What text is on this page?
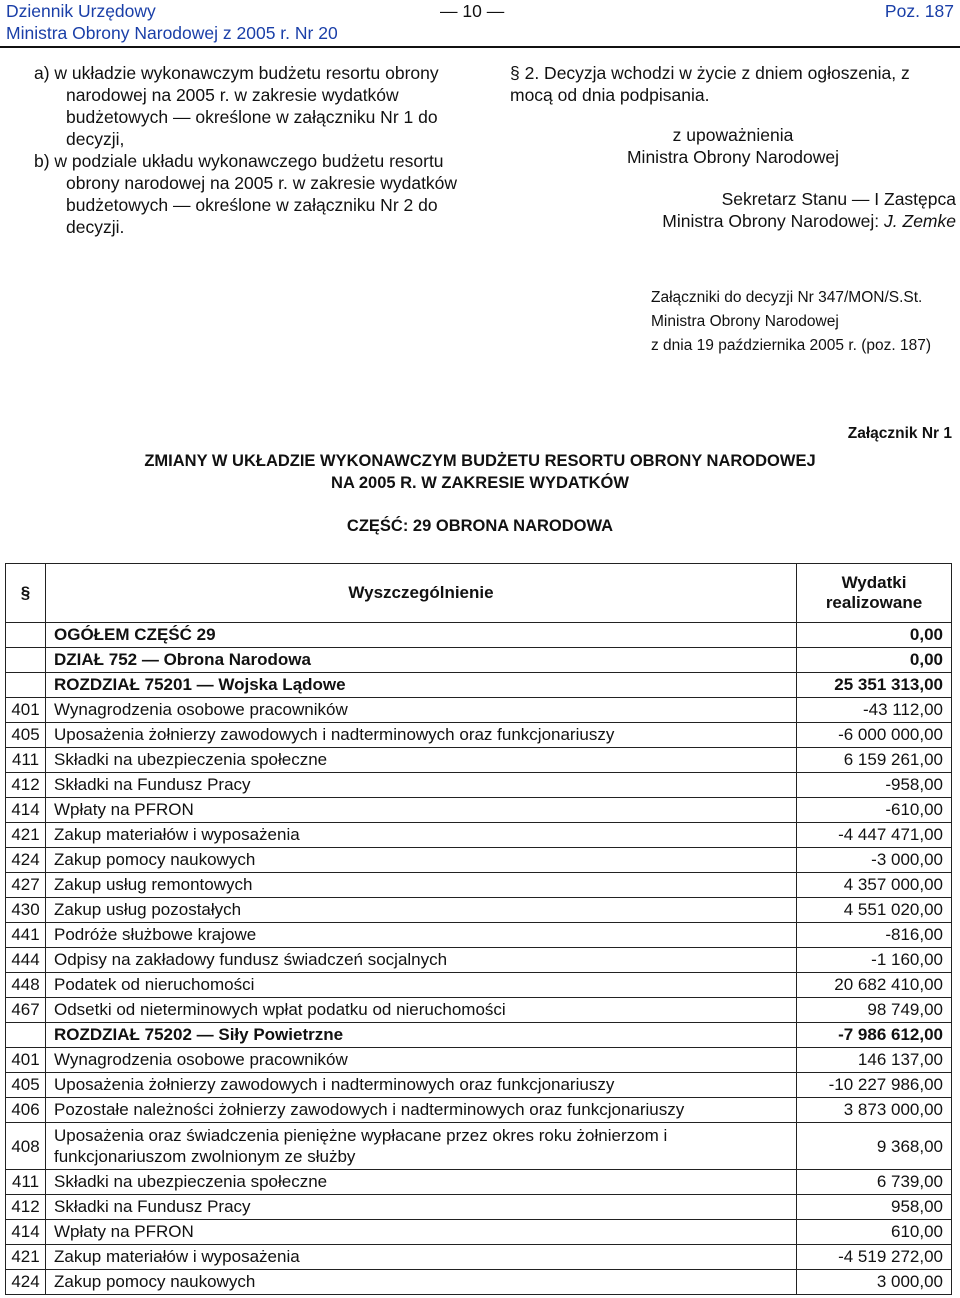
Dziennik Urzędowy
Ministra Obrony Narodowej z 2005 r. Nr 20
— 10 —	Poz. 187

a) w układzie wykonawczym budżetu resortu obrony narodowej na 2005 r. w zakresie wydatków budżetowych — określone w załączniku Nr 1 do decyzji,

b) w podziale układu wykonawczego budżetu resortu obrony narodowej na 2005 r. w zakresie wydatków budżetowych — określone w załączniku Nr 2 do decyzji.

§ 2. Decyzja wchodzi w życie z dniem ogłoszenia, z mocą od dnia podpisania.

z upoważnienia

Ministra Obrony Narodowej

Sekretarz Stanu — I Zastępca
Ministra Obrony Narodowej: J. Zemke
Załączniki do decyzji Nr 347/MON/S.St.
Ministra Obrony Narodowej
z dnia 19 października 2005 r. (poz. 187)
Załącznik Nr 1
ZMIANY W UKŁADZIE WYKONAWCZYM BUDŻETU RESORTU OBRONY NARODOWEJ
NA 2005 R. W ZAKRESIE WYDATKÓW
CZĘŚĆ: 29 OBRONA NARODOWA
§	Wyszczególnienie	Wydatki realizowane
	OGÓŁEM CZĘŚĆ 29	0,00
	DZIAŁ 752 — Obrona Narodowa	0,00
	ROZDZIAŁ 75201 — Wojska Lądowe	25 351 313,00
401	Wynagrodzenia osobowe pracowników	-43 112,00
405	Uposażenia żołnierzy zawodowych i nadterminowych oraz funkcjonariuszy	-6 000 000,00
411	Składki na ubezpieczenia społeczne	6 159 261,00
412	Składki na Fundusz Pracy	-958,00
414	Wpłaty na PFRON	-610,00
421	Zakup materiałów i wyposażenia	-4 447 471,00
424	Zakup pomocy naukowych	-3 000,00
427	Zakup usług remontowych	4 357 000,00
430	Zakup usług pozostałych	4 551 020,00
441	Podróże służbowe krajowe	-816,00
444	Odpisy na zakładowy fundusz świadczeń socjalnych	-1 160,00
448	Podatek od nieruchomości	20 682 410,00
467	Odsetki od nieterminowych wpłat podatku od nieruchomości	98 749,00
	ROZDZIAŁ 75202 — Siły Powietrzne	-7 986 612,00
401	Wynagrodzenia osobowe pracowników	146 137,00
405	Uposażenia żołnierzy zawodowych i nadterminowych oraz funkcjonariuszy	-10 227 986,00
406	Pozostałe należności żołnierzy zawodowych i nadterminowych oraz funkcjonariuszy	3 873 000,00
408	Uposażenia oraz świadczenia pieniężne wypłacane przez okres roku żołnierzom i funkcjonariuszom zwolnionym ze służby	9 368,00
411	Składki na ubezpieczenia społeczne	6 739,00
412	Składki na Fundusz Pracy	958,00
414	Wpłaty na PFRON	610,00
421	Zakup materiałów i wyposażenia	-4 519 272,00
424	Zakup pomocy naukowych	3 000,00
